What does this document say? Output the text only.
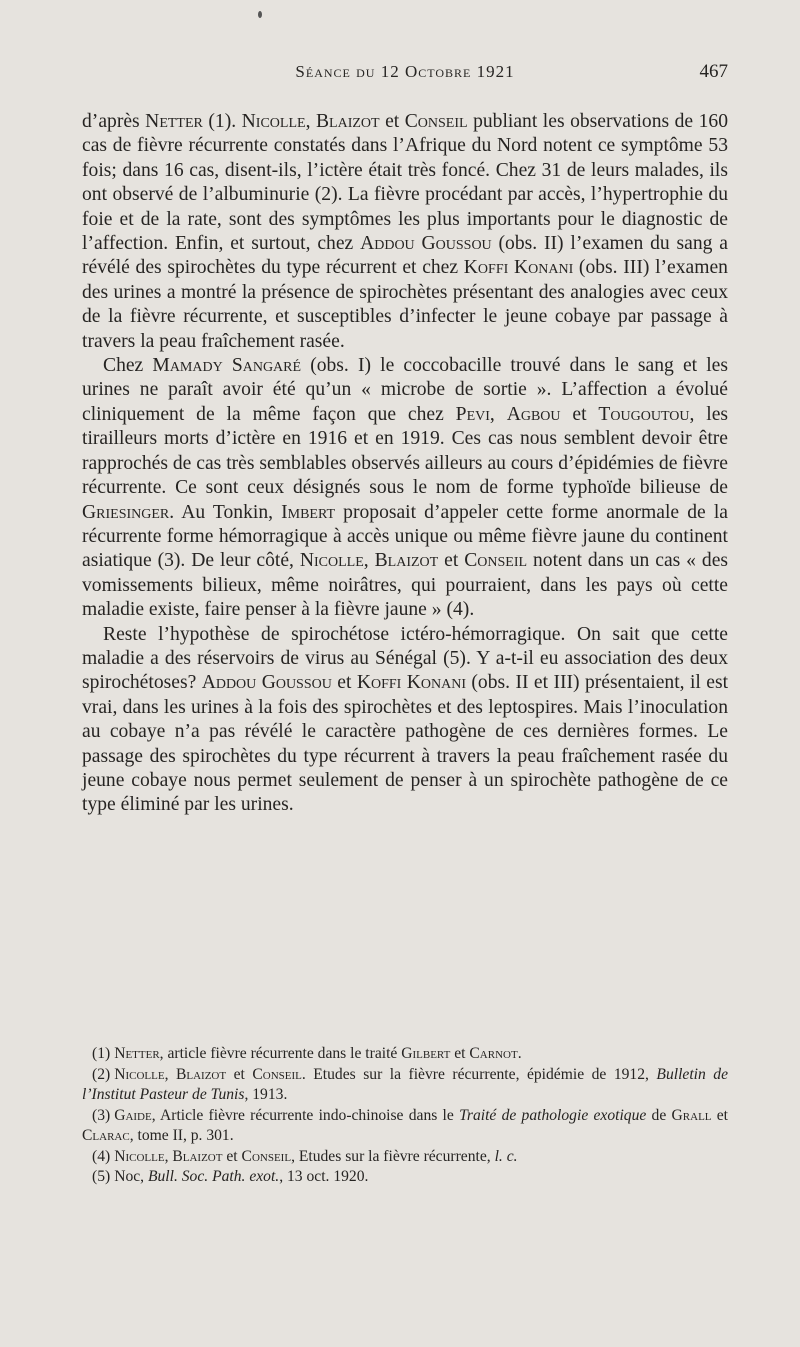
Séance du 12 Octobre 1921	467

d’après Netter (1). Nicolle, Blaizot et Conseil publiant les observations de 160 cas de fièvre récurrente constatés dans l’Afrique du Nord notent ce symptôme 53 fois; dans 16 cas, disent-ils, l’ictère était très foncé. Chez 31 de leurs malades, ils ont observé de l’albuminurie (2). La fièvre procédant par accès, l’hypertrophie du foie et de la rate, sont des symptômes les plus importants pour le diagnostic de l’affection. Enfin, et surtout, chez Addou Goussou (obs. II) l’examen du sang a révélé des spirochètes du type récurrent et chez Koffi Konani (obs. III) l’examen des urines a montré la présence de spirochètes présentant des analogies avec ceux de la fièvre récurrente, et susceptibles d’infecter le jeune cobaye par passage à travers la peau fraîchement rasée.

Chez Mamady Sangaré (obs. I) le coccobacille trouvé dans le sang et les urines ne paraît avoir été qu’un « microbe de sortie ». L’affection a évolué cliniquement de la même façon que chez Pevi, Agbou et Tougoutou, les tirailleurs morts d’ictère en 1916 et en 1919. Ces cas nous semblent devoir être rapprochés de cas très semblables observés ailleurs au cours d’épidémies de fièvre récurrente. Ce sont ceux désignés sous le nom de forme typhoïde bilieuse de Griesinger. Au Tonkin, Imbert proposait d’appeler cette forme anormale de la récurrente forme hémorragique à accès unique ou même fièvre jaune du continent asiatique (3). De leur côté, Nicolle, Blaizot et Conseil notent dans un cas « des vomissements bilieux, même noirâtres, qui pourraient, dans les pays où cette maladie existe, faire penser à la fièvre jaune » (4).

Reste l’hypothèse de spirochétose ictéro-hémorragique. On sait que cette maladie a des réservoirs de virus au Sénégal (5). Y a-t-il eu association des deux spirochétoses? Addou Goussou et Koffi Konani (obs. II et III) présentaient, il est vrai, dans les urines à la fois des spirochètes et des leptospires. Mais l’inoculation au cobaye n’a pas révélé le caractère pathogène de ces dernières formes. Le passage des spirochètes du type récurrent à travers la peau fraîchement rasée du jeune cobaye nous permet seulement de penser à un spirochète pathogène de ce type éliminé par les urines.

(1) Netter, article fièvre récurrente dans le traité Gilbert et Carnot.

(2) Nicolle, Blaizot et Conseil. Etudes sur la fièvre récurrente, épidémie de 1912, Bulletin de l’Institut Pasteur de Tunis, 1913.

(3) Gaide, Article fièvre récurrente indo-chinoise dans le Traité de pathologie exotique de Grall et Clarac, tome II, p. 301.

(4) Nicolle, Blaizot et Conseil, Etudes sur la fièvre récurrente, l. c.

(5) Noc, Bull. Soc. Path. exot., 13 oct. 1920.
